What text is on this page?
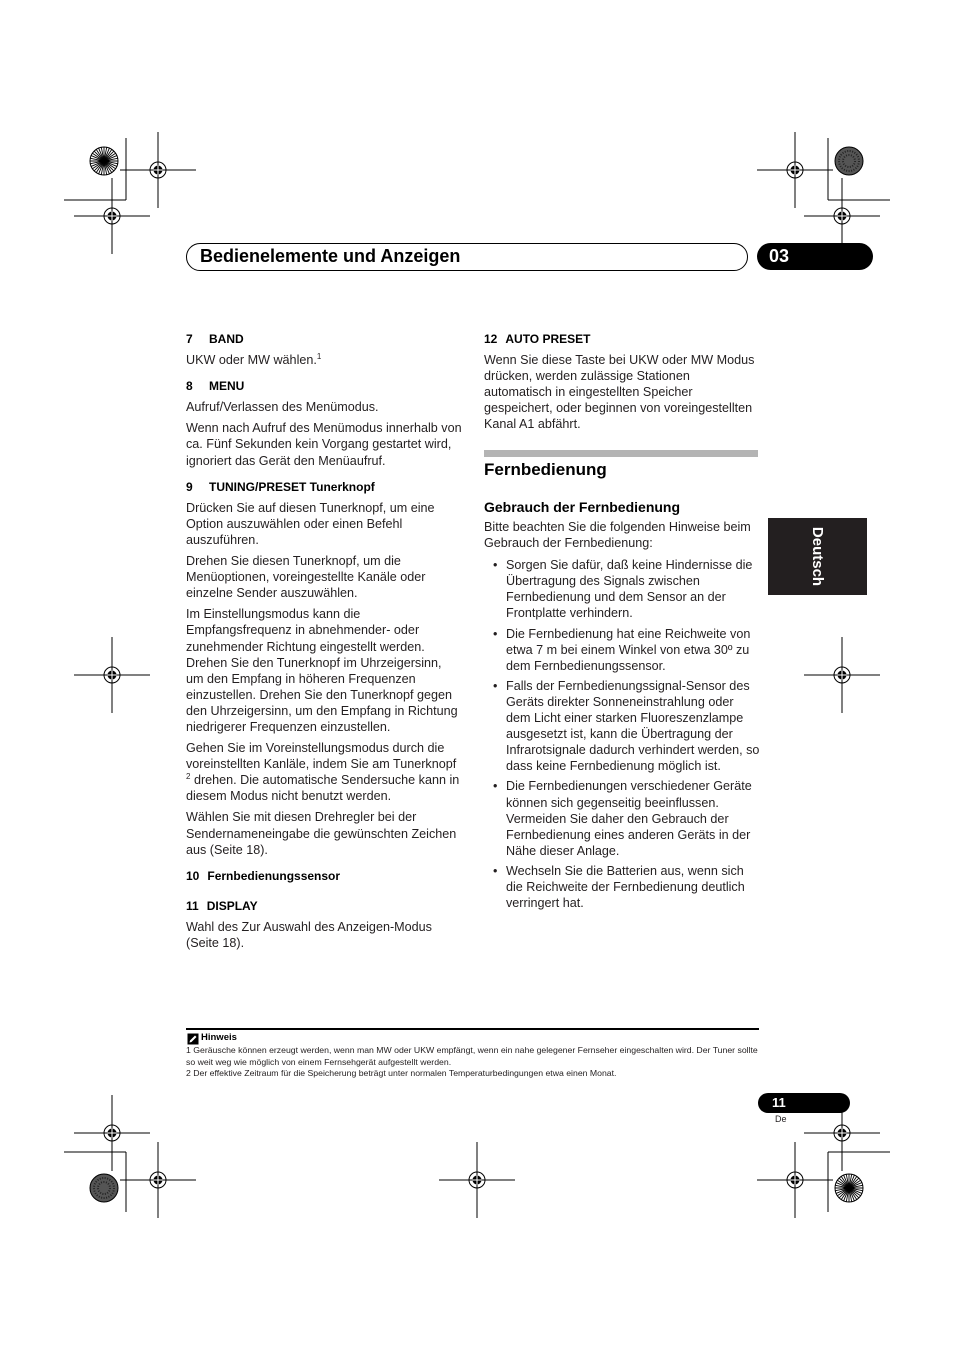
Bedienelemente und Anzeigen	03

7 BAND

UKW oder MW wählen.$^1$

8 MENU

Aufruf/Verlassen des Menümodus.

Wenn nach Aufruf des Menümodus innerhalb von ca. Fünf Sekunden kein Vorgang gestartet wird, ignoriert das Gerät den Menüaufruf.

9 TUNING/PRESET Tunerknopf

Drücken Sie auf diesen Tunerknopf, um eine Option auszuwählen oder einen Befehl auszuführen.

Drehen Sie diesen Tunerknopf, um die Menüoptionen, voreingestellte Kanäle oder einzelne Sender auszuwählen.

Im Einstellungsmodus kann die Empfangsfrequenz in abnehmender- oder zunehmender Richtung eingestellt werden. Drehen Sie den Tunerknopf im Uhrzeigersinn, um den Empfang in höheren Frequenzen einzustellen. Drehen Sie den Tunerknopf gegen den Uhrzeigersinn, um den Empfang in Richtung niedrigerer Frequenzen einzustellen.

Gehen Sie im Voreinstellungsmodus durch die voreinstellten Kanläle, indem Sie am Tunerknopf $^2$ drehen. Die automatische Sendersuche kann in diesem Modus nicht benutzt werden.

Wählen Sie mit diesen Drehregler bei der Sendernameneingabe die gewünschten Zeichen aus (Seite 18).

10 Fernbedienungssensor

11 DISPLAY

Wahl des Zur Auswahl des Anzeigen-Modus (Seite 18).

12 AUTO PRESET

Wenn Sie diese Taste bei UKW oder MW Modus drücken, werden zulässige Stationen automatisch in eingestellten Speicher gespeichert, oder beginnen von voreingestellten Kanal A1 abfährt.

Fernbedienung
Gebrauch der Fernbedienung

Bitte beachten Sie die folgenden Hinweise beim Gebrauch der Fernbedienung:

• Sorgen Sie dafür, daß keine Hindernisse die Übertragung des Signals zwischen Fernbedienung und dem Sensor an der Frontplatte verhindern.
• Die Fernbedienung hat eine Reichweite von etwa 7 m bei einem Winkel von etwa 30º zu dem Fernbedienungssensor.
• Falls der Fernbedienungssignal-Sensor des Geräts direkter Sonneneinstrahlung oder dem Licht einer starken Fluoreszenzlampe ausgesetzt ist, kann die Übertragung der Infrarotsignale dadurch verhindert werden, so dass keine Fernbedienung möglich ist.
• Die Fernbedienungen verschiedener Geräte können sich gegenseitig beeinflussen. Vermeiden Sie daher den Gebrauch der Fernbedienung eines anderen Geräts in der Nähe dieser Anlage.
• Wechseln Sie die Batterien aus, wenn sich die Reichweite der Fernbedienung deutlich verringert hat.
Deutsch
Hinweis

1 Geräusche können erzeugt werden, wenn man MW oder UKW empfängt, wenn ein nahe gelegener Fernseher eingeschalten wird. Der Tuner sollte so weit weg wie möglich von einem Fernsehgerät aufgestellt werden.

2 Der effektive Zeitraum für die Speicherung beträgt unter normalen Temperaturbedingungen etwa einen Monat.

11
De
